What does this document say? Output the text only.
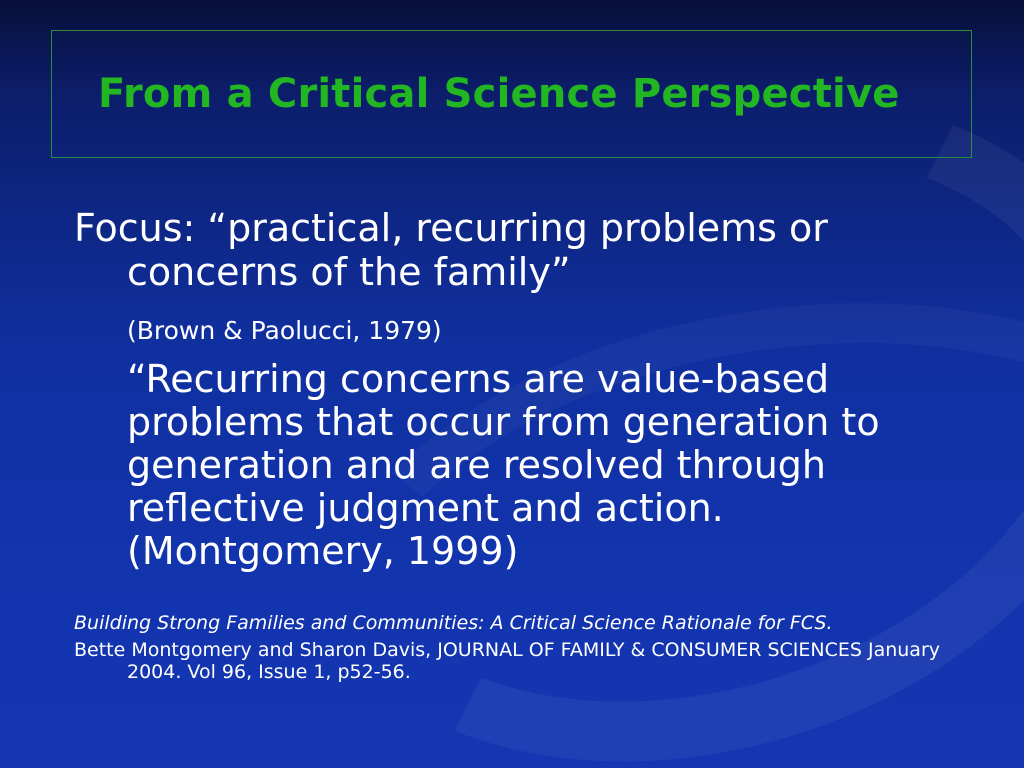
From a Critical Science Perspective

Focus: “practical, recurring problems or concerns of the family”

(Brown & Paolucci, 1979)

“Recurring concerns are value-based problems that occur from generation to generation and are resolved through reflective judgment and action. (Montgomery, 1999)

Building Strong Families and Communities: A Critical Science Rationale for FCS.

Bette Montgomery and Sharon Davis, JOURNAL OF FAMILY & CONSUMER SCIENCES January 2004. Vol 96, Issue 1, p52-56.
